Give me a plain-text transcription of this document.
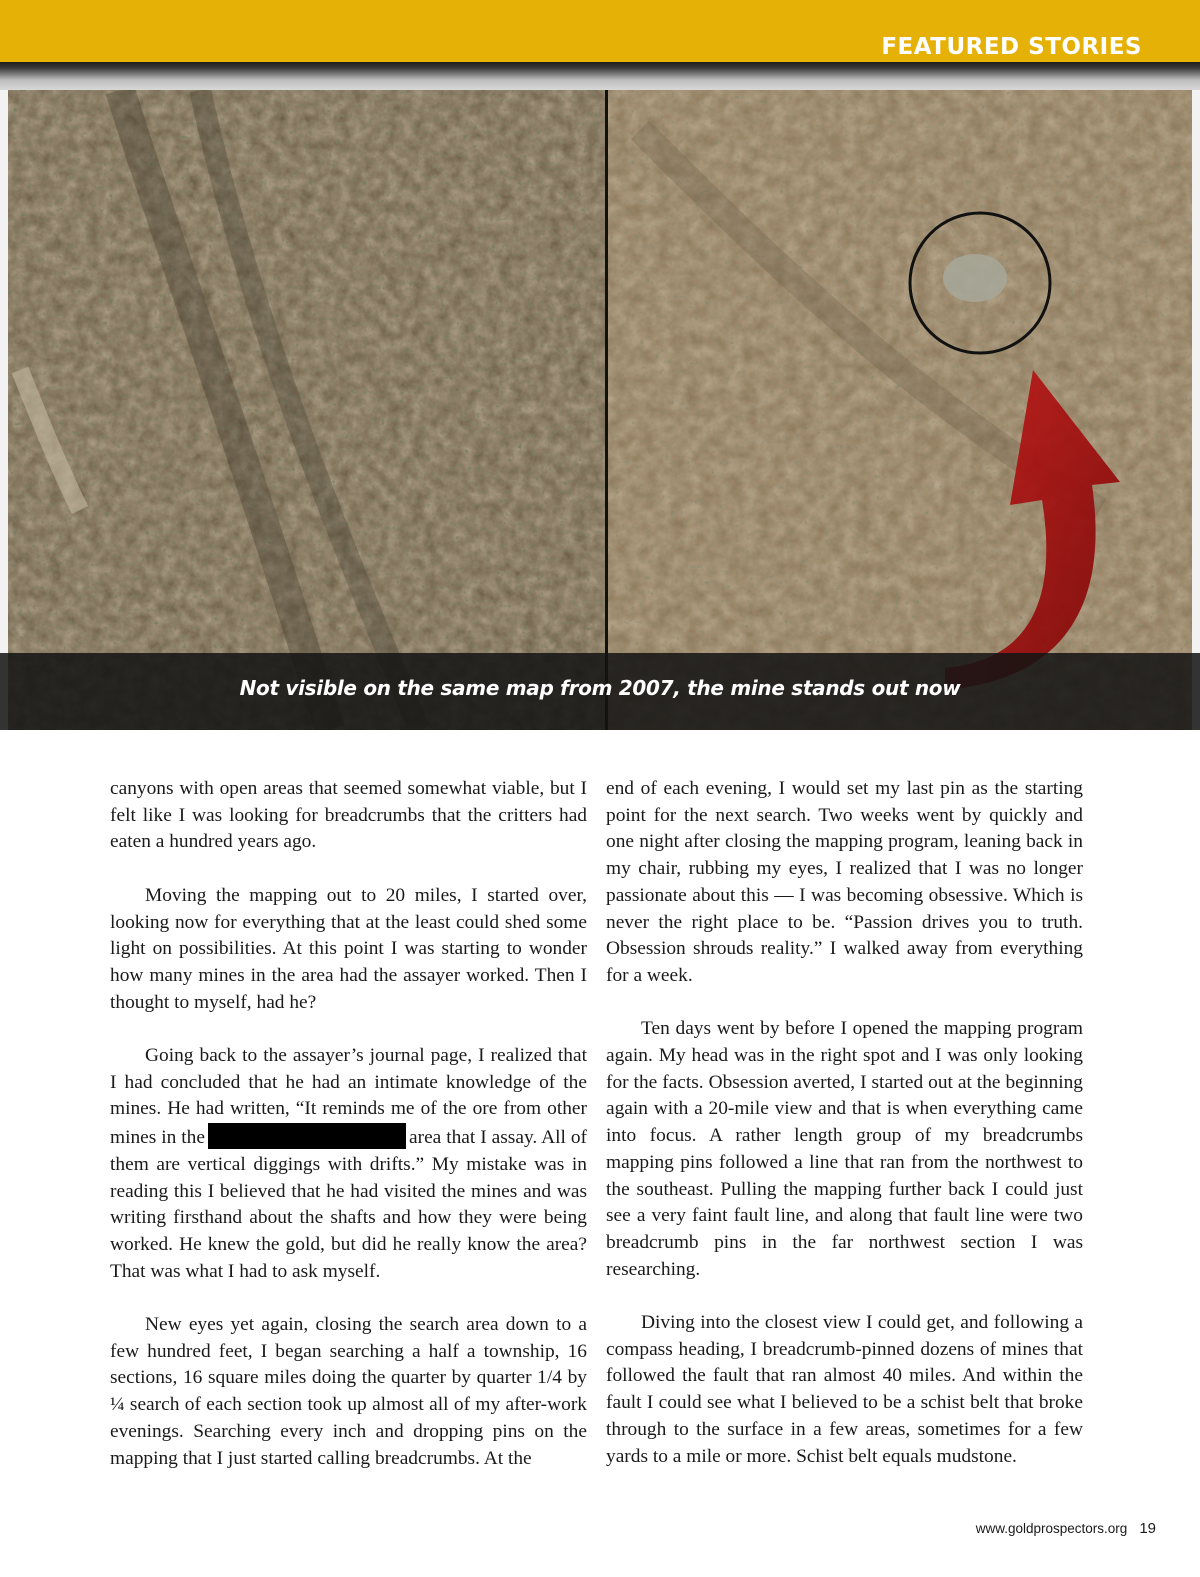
FEATURED STORIES
Not visible on the same map from 2007, the mine stands out now

canyons with open areas that seemed somewhat viable, but I felt like I was looking for breadcrumbs that the critters had eaten a hundred years ago.

Moving the mapping out to 20 miles, I started over, looking now for everything that at the least could shed some light on possibilities. At this point I was starting to wonder how many mines in the area had the assayer worked. Then I thought to myself, had he?

Going back to the assayer’s journal page, I realized that I had concluded that he had an intimate knowledge of the mines. He had written, “It reminds me of the ore from other mines in the	area that I assay. All of them are vertical diggings with drifts.” My mistake was in reading this I believed that he had visited the mines and was writing firsthand about the shafts and how they were being worked. He knew the gold, but did he really know the area? That was what I had to ask myself.

New eyes yet again, closing the search area down to a few hundred feet, I began searching a half a township, 16 sections, 16 square miles doing the quarter by quarter 1/4 by ¼ search of each section took up almost all of my after-work evenings. Searching every inch and dropping pins on the mapping that I just started calling breadcrumbs. At the

end of each evening, I would set my last pin as the starting point for the next search. Two weeks went by quickly and one night after closing the mapping program, leaning back in my chair, rubbing my eyes, I realized that I was no longer passionate about this — I was becoming obsessive. Which is never the right place to be. “Passion drives you to truth. Obsession shrouds reality.” I walked away from everything for a week.

Ten days went by before I opened the mapping program again. My head was in the right spot and I was only looking for the facts. Obsession averted, I started out at the beginning again with a 20-mile view and that is when everything came into focus. A rather length group of my breadcrumbs mapping pins followed a line that ran from the northwest to the southeast. Pulling the mapping further back I could just see a very faint fault line, and along that fault line were two breadcrumb pins in the far northwest section I was researching.

Diving into the closest view I could get, and following a compass heading, I breadcrumb-pinned dozens of mines that followed the fault that ran almost 40 miles. And within the fault I could see what I believed to be a schist belt that broke through to the surface in a few areas, sometimes for a few yards to a mile or more. Schist belt equals mudstone.

www.goldprospectors.org 19
